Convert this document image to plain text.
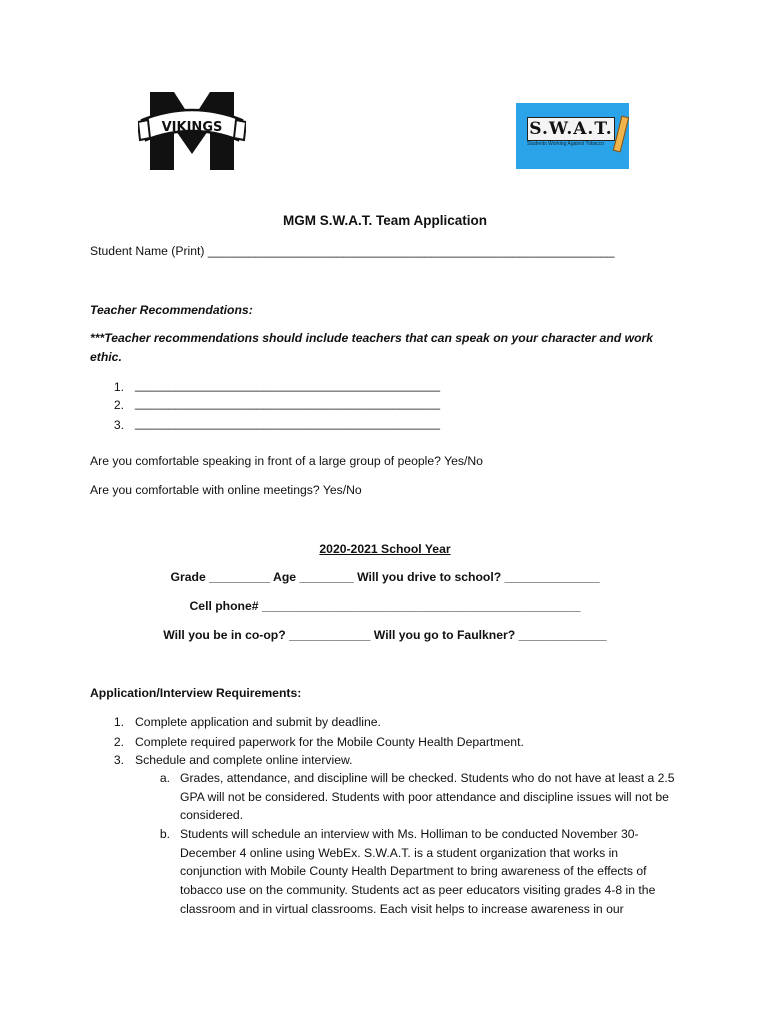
VIKINGS	S.W.A.T.
Students Working Against Tobacco
MGM S.W.A.T. Team Application
Student Name (Print) ____________________________________________________________
Teacher Recommendations:
***Teacher recommendations should include teachers that can speak on your character and work ethic.
1. _____________________________________________
2. _____________________________________________
3. _____________________________________________
Are you comfortable speaking in front of a large group of people? Yes/No
Are you comfortable with online meetings? Yes/No
2020-2021 School Year
Grade _________ Age ________ Will you drive to school? ______________
Cell phone# _______________________________________________
Will you be in co-op? ____________ Will you go to Faulkner? _____________
Application/Interview Requirements:
1. Complete application and submit by deadline.
2. Complete required paperwork for the Mobile County Health Department.
3. Schedule and complete online interview.
a. Grades, attendance, and discipline will be checked. Students who do not have at least a 2.5 GPA will not be considered. Students with poor attendance and discipline issues will not be considered.
b. Students will schedule an interview with Ms. Holliman to be conducted November 30-December 4 online using WebEx. S.W.A.T. is a student organization that works in conjunction with Mobile County Health Department to bring awareness of the effects of tobacco use on the community. Students act as peer educators visiting grades 4-8 in the classroom and in virtual classrooms. Each visit helps to increase awareness in our
